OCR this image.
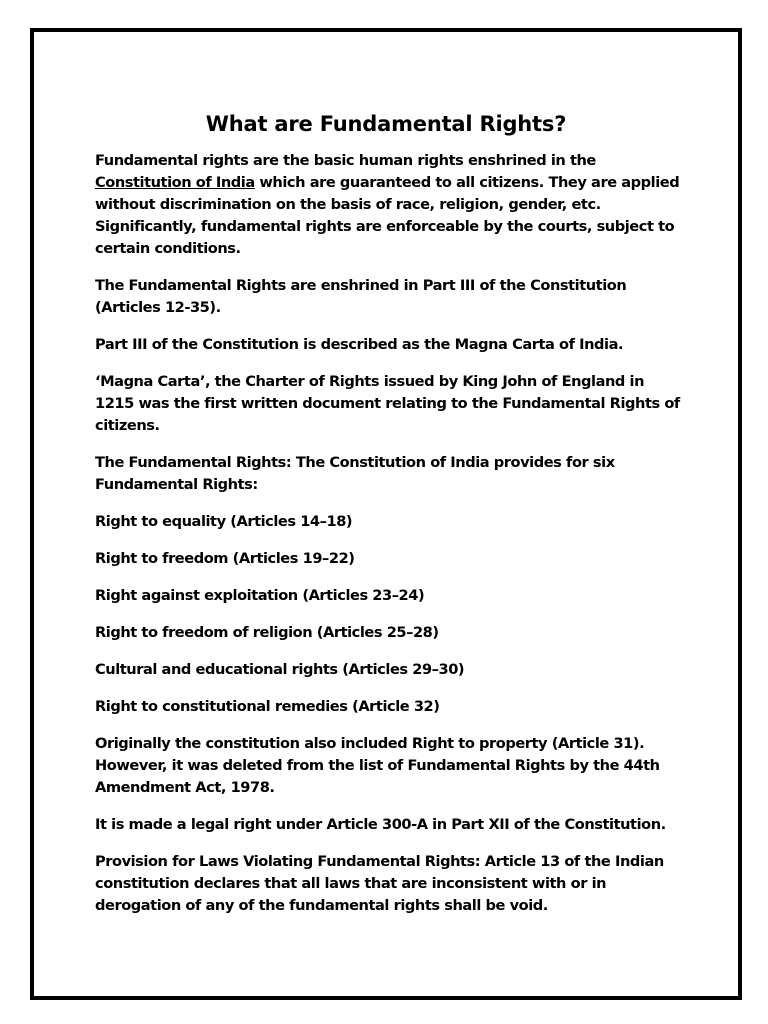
What are Fundamental Rights?

Fundamental rights are the basic human rights enshrined in the Constitution of India which are guaranteed to all citizens. They are applied without discrimination on the basis of race, religion, gender, etc. Significantly, fundamental rights are enforceable by the courts, subject to certain conditions.

The Fundamental Rights are enshrined in Part III of the Constitution (Articles 12-35).

Part III of the Constitution is described as the Magna Carta of India.

‘Magna Carta’, the Charter of Rights issued by King John of England in 1215 was the first written document relating to the Fundamental Rights of citizens.

The Fundamental Rights: The Constitution of India provides for six Fundamental Rights:

Right to equality (Articles 14–18)

Right to freedom (Articles 19–22)

Right against exploitation (Articles 23–24)

Right to freedom of religion (Articles 25–28)

Cultural and educational rights (Articles 29–30)

Right to constitutional remedies (Article 32)

Originally the constitution also included Right to property (Article 31). However, it was deleted from the list of Fundamental Rights by the 44th Amendment Act, 1978.

It is made a legal right under Article 300-A in Part XII of the Constitution.

Provision for Laws Violating Fundamental Rights: Article 13 of the Indian constitution declares that all laws that are inconsistent with or in derogation of any of the fundamental rights shall be void.
